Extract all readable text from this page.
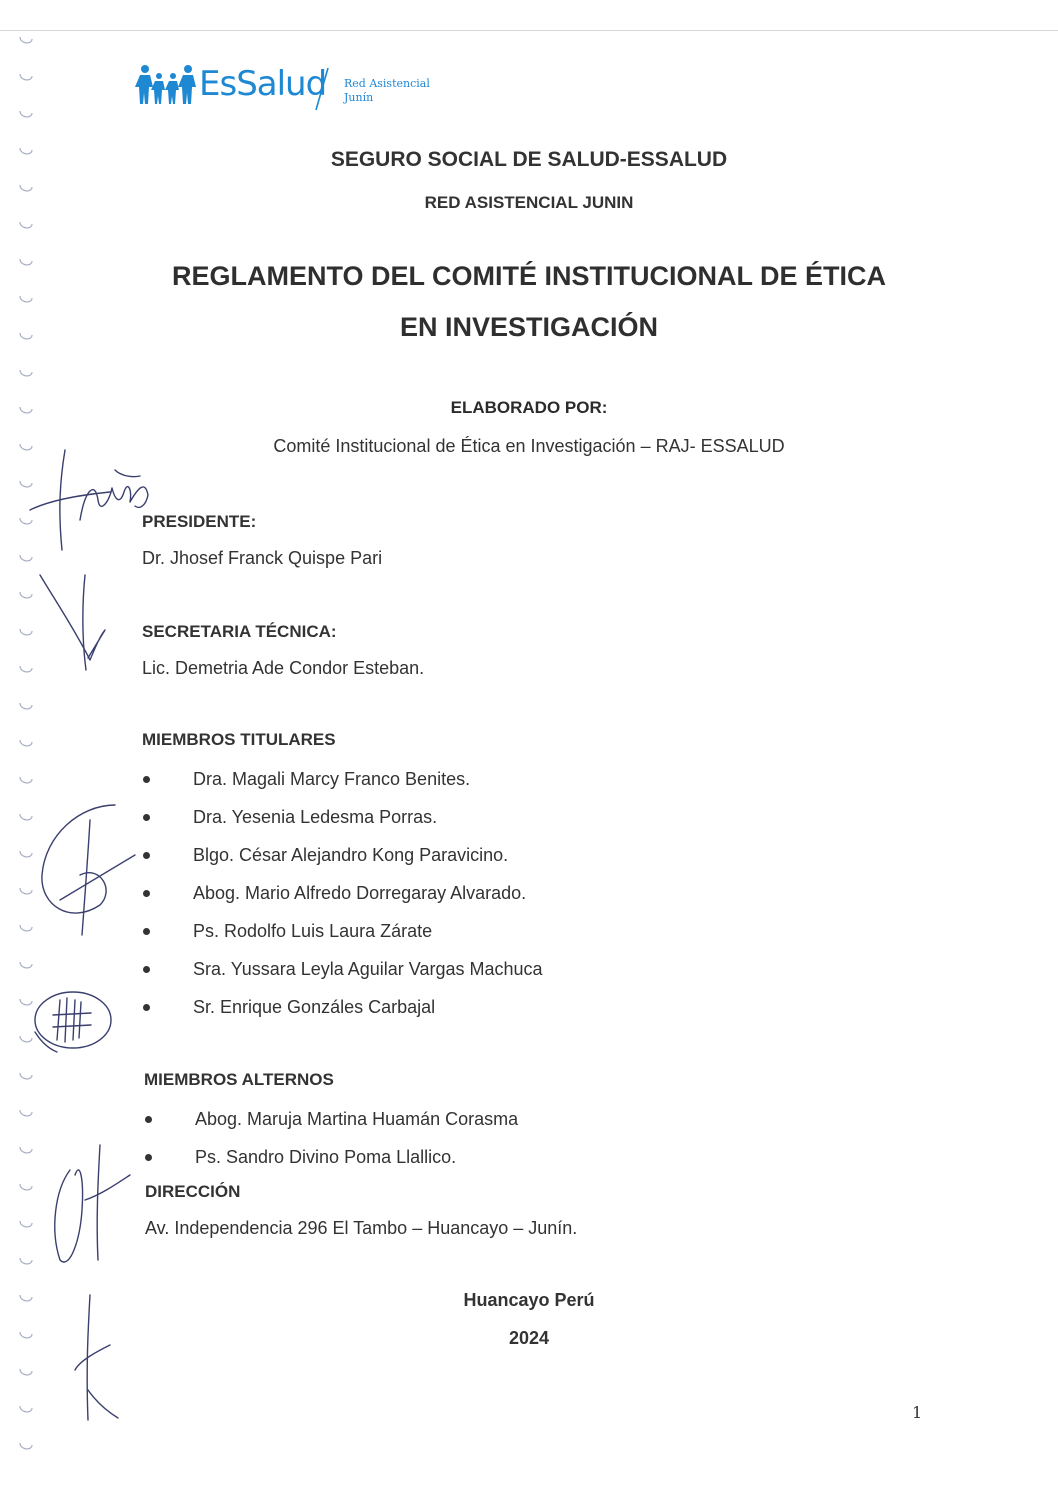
EsSalud Red Asistencial
Junín
SEGURO SOCIAL DE SALUD-ESSALUD
RED ASISTENCIAL JUNIN
REGLAMENTO DEL COMITÉ INSTITUCIONAL DE ÉTICA
EN INVESTIGACIÓN
ELABORADO POR:
Comité Institucional de Ética en Investigación – RAJ- ESSALUD
PRESIDENTE:
Dr. Jhosef Franck Quispe Pari
SECRETARIA TÉCNICA:
Lic. Demetria Ade Condor Esteban.
MIEMBROS TITULARES
Dra. Magali Marcy Franco Benites.
Dra. Yesenia Ledesma Porras.
Blgo. César Alejandro Kong Paravicino.
Abog. Mario Alfredo Dorregaray Alvarado.
Ps. Rodolfo Luis Laura Zárate
Sra. Yussara Leyla Aguilar Vargas Machuca
Sr. Enrique Gonzáles Carbajal
MIEMBROS ALTERNOS
Abog. Maruja Martina Huamán Corasma
Ps. Sandro Divino Poma Llallico.
DIRECCIÓN
Av. Independencia 296 El Tambo – Huancayo – Junín.
Huancayo Perú
2024
1
